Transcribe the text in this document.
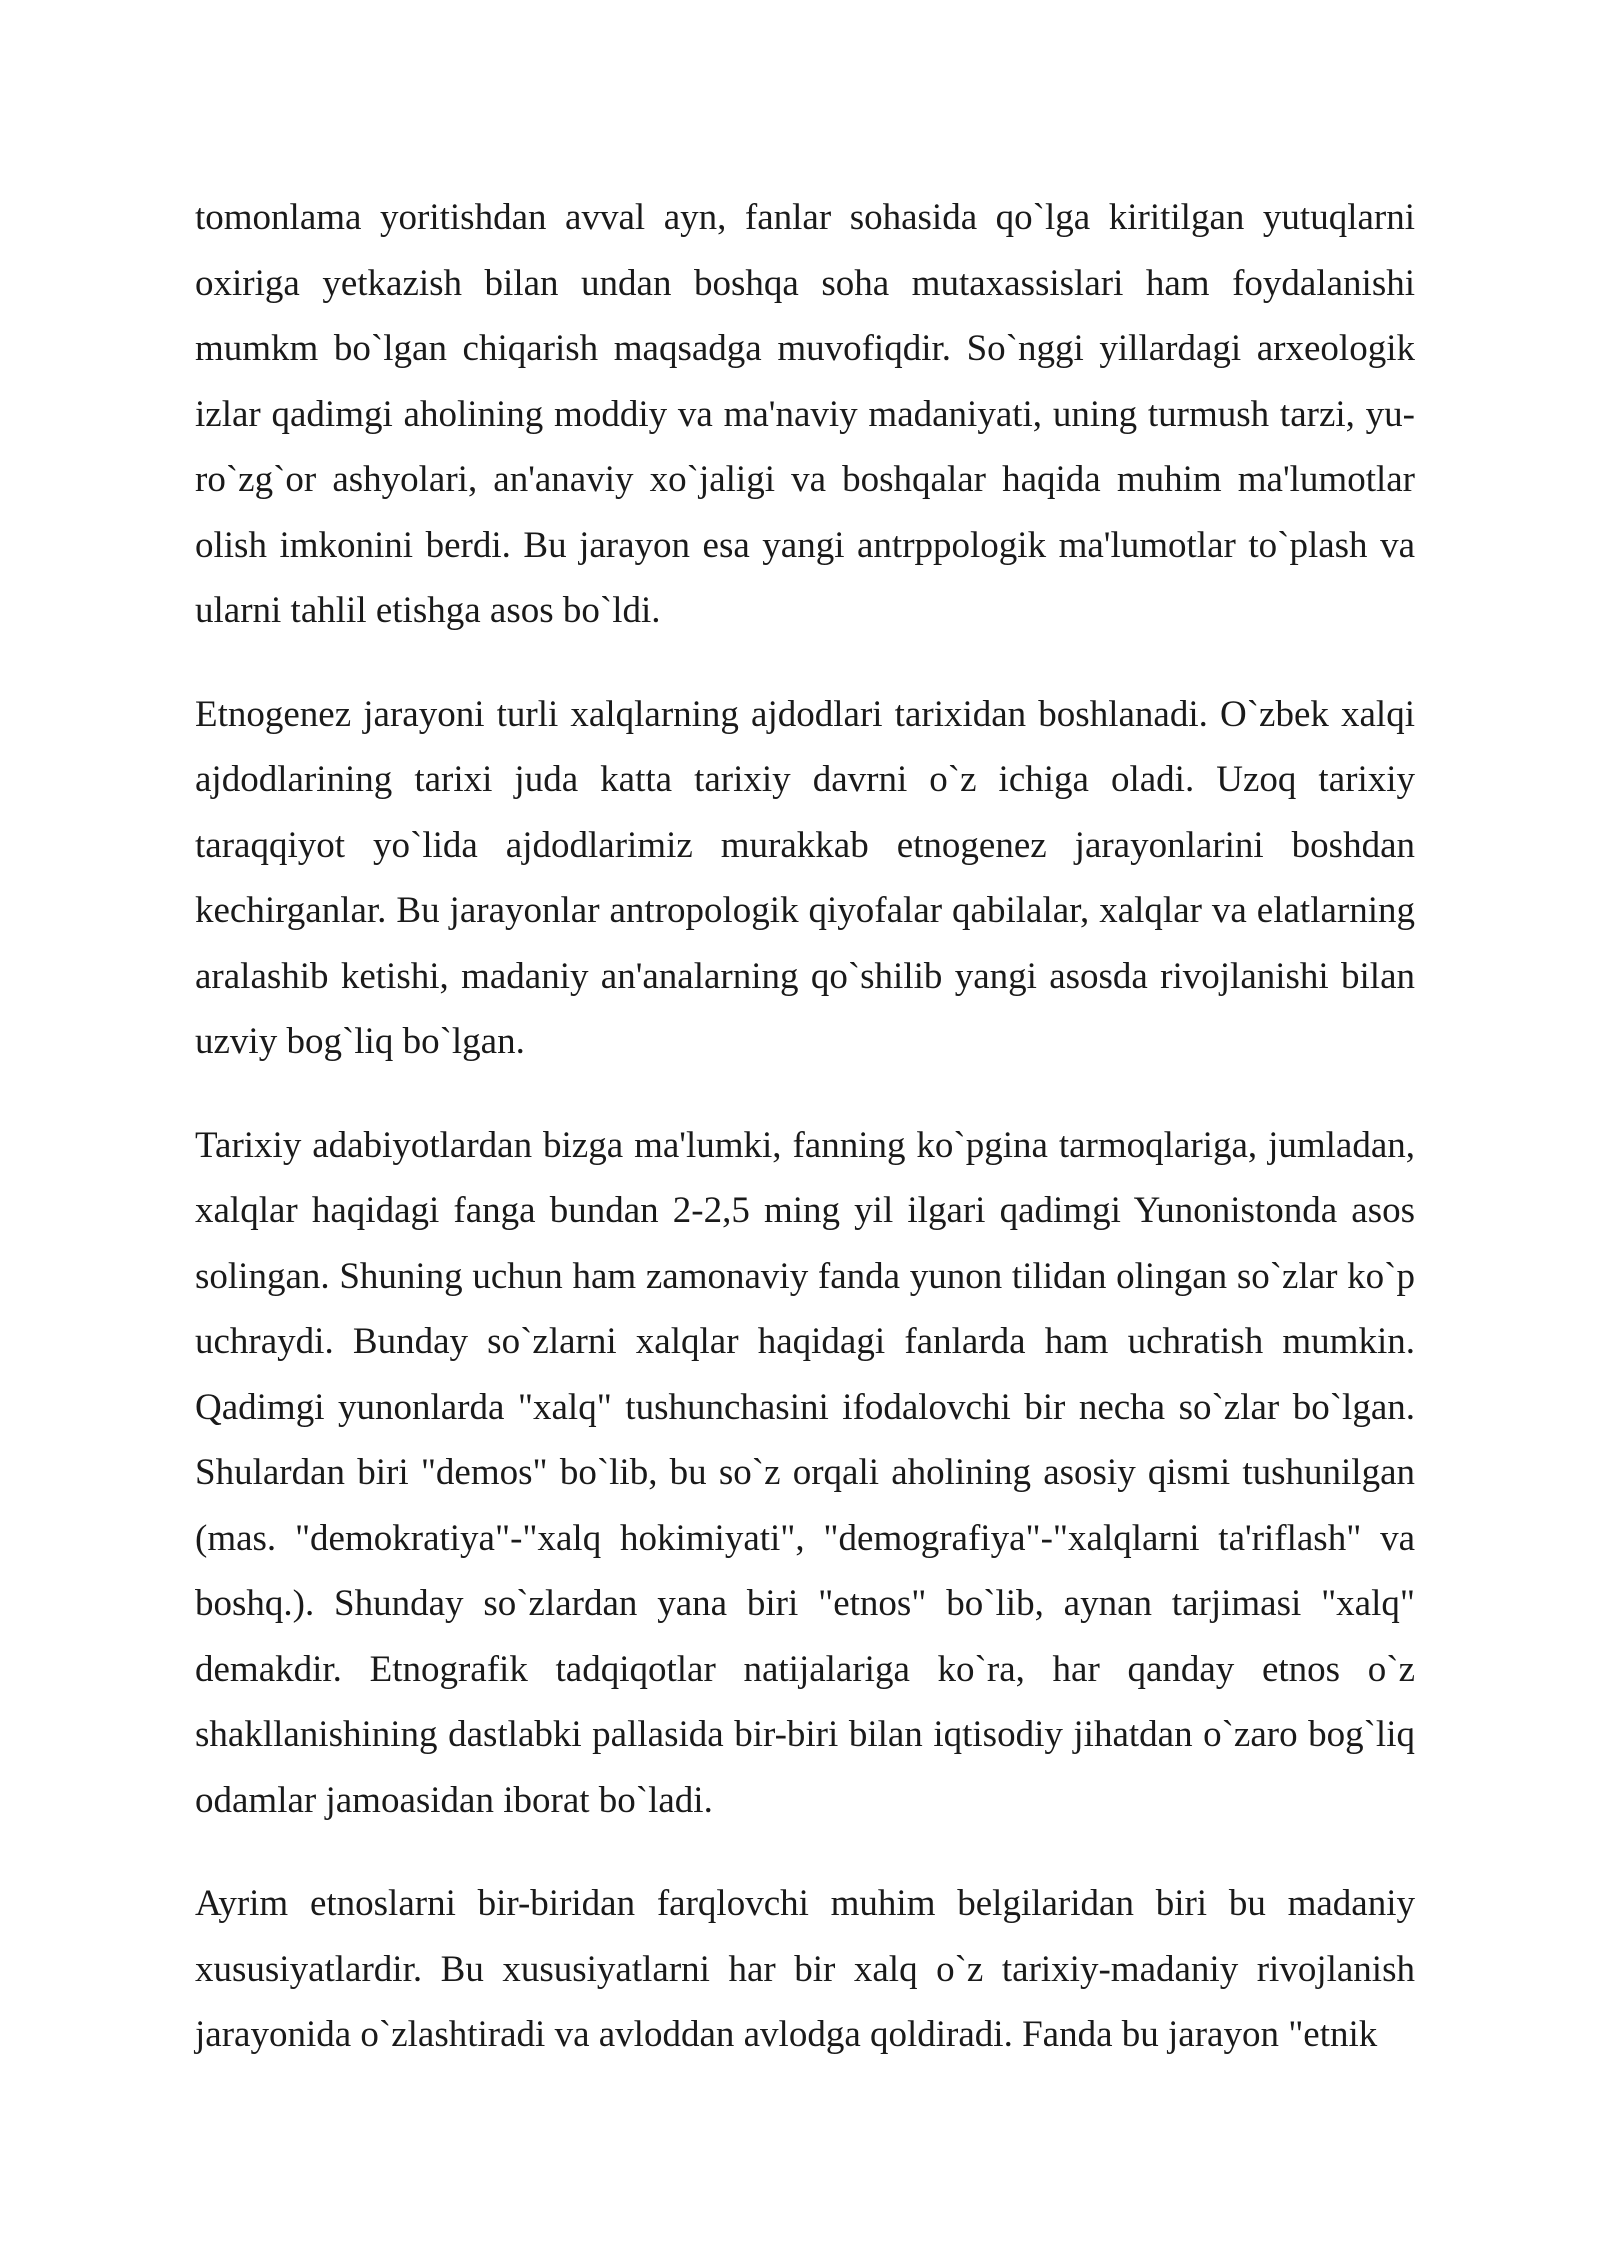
tomonlama yoritishdan avval ayn, fanlar sohasida qo`lga kiritilgan yutuqlarni oxiriga yetkazish bilan undan boshqa soha mutaxassislari ham foydalanishi mumkm bo`lgan chiqarish maqsadga muvofiqdir. So`nggi yillardagi arxeologik izlar qadimgi aholining moddiy va ma'naviy madaniyati, uning turmush tarzi, yuro`zg`or ashyolari, an'anaviy xo`jaligi va boshqalar haqida muhim ma'lumotlar olish imkonini berdi. Bu jarayon esa yangi antrppologik ma'lumotlar to`plash va ularni tahlil etishga asos bo`ldi.

Etnogenez jarayoni turli xalqlarning ajdodlari tarixidan boshlanadi. O`zbek xalqi ajdodlarining tarixi juda katta tarixiy davrni o`z ichiga oladi. Uzoq tarixiy taraqqiyot yo`lida ajdodlarimiz murakkab etnogenez jarayonlarini boshdan kechirganlar. Bu jarayonlar antropologik qiyofalar qabilalar, xalqlar va elatlarning aralashib ketishi, madaniy an'analarning qo`shilib yangi asosda rivojlanishi bilan uzviy bog`liq bo`lgan.

Tarixiy adabiyotlardan bizga ma'lumki, fanning ko`pgina tarmoqlariga, jumladan, xalqlar haqidagi fanga bundan 2-2,5 ming yil ilgari qadimgi Yunonistonda asos solingan. Shuning uchun ham zamonaviy fanda yunon tilidan olingan so`zlar ko`p uchraydi. Bunday so`zlarni xalqlar haqidagi fanlarda ham uchratish mumkin. Qadimgi yunonlarda "xalq" tushunchasini ifodalovchi bir necha so`zlar bo`lgan. Shulardan biri "demos" bo`lib, bu so`z orqali aholining asosiy qismi tushunilgan (mas. "demokratiya"-"xalq hokimiyati", "demografiya"-"xalqlarni ta'riflash" va boshq.). Shunday so`zlardan yana biri "etnos" bo`lib, aynan tarjimasi "xalq" demakdir. Etnografik tadqiqotlar natijalariga ko`ra, har qanday etnos o`z shakllanishining dastlabki pallasida bir-biri bilan iqtisodiy jihatdan o`zaro bog`liq odamlar jamoasidan iborat bo`ladi.

Ayrim etnoslarni bir-biridan farqlovchi muhim belgilaridan biri bu madaniy xususiyatlardir. Bu xususiyatlarni har bir xalq o`z tarixiy-madaniy rivojlanish jarayonida o`zlashtiradi va avloddan avlodga qoldiradi. Fanda bu jarayon "etnik
